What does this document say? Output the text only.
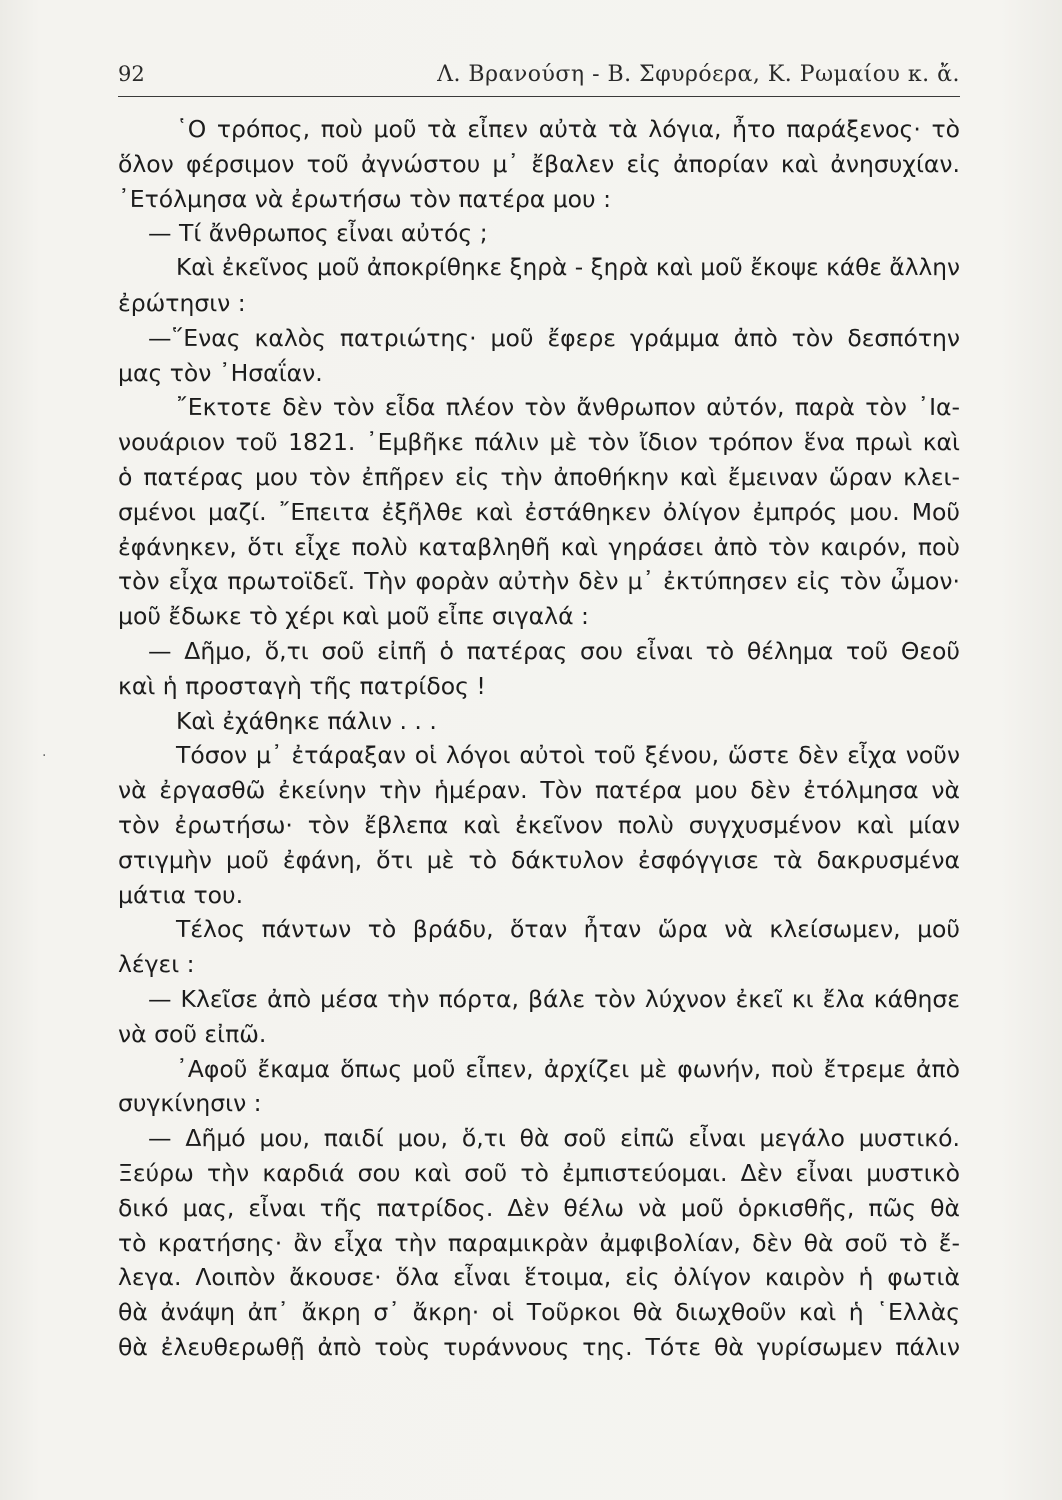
92	Λ. Βρανούση - Β. Σφυρόερα, Κ. Ρωμαίου κ. ἄ.
·

῾Ο τρόπος, ποὺ μοῦ τὰ εἶπεν αὐτὰ τὰ λόγια, ἦτο παράξενος· τὸ
ὅλον φέρσιμον τοῦ ἀγνώστου μ᾽ ἔβαλεν εἰς ἀπορίαν καὶ ἀνησυχίαν.
᾽Ετόλμησα νὰ ἐρωτήσω τὸν πατέρα μου :

— Τί ἄνθρωπος εἶναι αὐτός ;

Καὶ ἐκεῖνος μοῦ ἀποκρίθηκε ξηρὰ - ξηρὰ καὶ μοῦ ἔκοψε κάθε ἄλλην
ἐρώτησιν :

—῞Ενας καλὸς πατριώτης· μοῦ ἔφερε γράμμα ἀπὸ τὸν δεσπότην
μας τὸν ᾽Ησαΐαν.

῎Εκτοτε δὲν τὸν εἶδα πλέον τὸν ἄνθρωπον αὐτόν, παρὰ τὸν ᾽Ια-
νουάριον τοῦ 1821. ᾽Εμβῆκε πάλιν μὲ τὸν ἴδιον τρόπον ἕνα πρωὶ καὶ
ὁ πατέρας μου τὸν ἐπῆρεν εἰς τὴν ἀποθήκην καὶ ἔμειναν ὥραν κλει-
σμένοι μαζί. ῎Επειτα ἐξῆλθε καὶ ἐστάθηκεν ὀλίγον ἐμπρός μου. Μοῦ
ἐφάνηκεν, ὅτι εἶχε πολὺ καταβληθῆ καὶ γηράσει ἀπὸ τὸν καιρόν, ποὺ
τὸν εἶχα πρωτοϊδεῖ. Τὴν φορὰν αὐτὴν δὲν μ᾽ ἐκτύπησεν εἰς τὸν ὦμον·
μοῦ ἔδωκε τὸ χέρι καὶ μοῦ εἶπε σιγαλά :

— Δῆμο, ὅ,τι σοῦ εἰπῆ ὁ πατέρας σου εἶναι τὸ θέλημα τοῦ Θεοῦ
καὶ ἡ προσταγὴ τῆς πατρίδος !

Καὶ ἐχάθηκε πάλιν . . .

Τόσον μ᾽ ἐτάραξαν οἱ λόγοι αὐτοὶ τοῦ ξένου, ὥστε δὲν εἶχα νοῦν
νὰ ἐργασθῶ ἐκείνην τὴν ἡμέραν. Τὸν πατέρα μου δὲν ἐτόλμησα νὰ
τὸν ἐρωτήσω· τὸν ἔβλεπα καὶ ἐκεῖνον πολὺ συγχυσμένον καὶ μίαν
στιγμὴν μοῦ ἐφάνη, ὅτι μὲ τὸ δάκτυλον ἐσφόγγισε τὰ δακρυσμένα
μάτια του.

Τέλος πάντων τὸ βράδυ, ὅταν ἦταν ὥρα νὰ κλείσωμεν, μοῦ
λέγει :

— Κλεῖσε ἀπὸ μέσα τὴν πόρτα, βάλε τὸν λύχνον ἐκεῖ κι ἔλα κάθησε
νὰ σοῦ εἰπῶ.

᾽Αφοῦ ἔκαμα ὅπως μοῦ εἶπεν, ἀρχίζει μὲ φωνήν, ποὺ ἔτρεμε ἀπὸ
συγκίνησιν :

— Δῆμό μου, παιδί μου, ὅ,τι θὰ σοῦ εἰπῶ εἶναι μεγάλο μυστικό.
Ξεύρω τὴν καρδιά σου καὶ σοῦ τὸ ἐμπιστεύομαι. Δὲν εἶναι μυστικὸ
δικό μας, εἶναι τῆς πατρίδος. Δὲν θέλω νὰ μοῦ ὁρκισθῆς, πῶς θὰ
τὸ κρατήσης· ἂν εἶχα τὴν παραμικρὰν ἀμφιβολίαν, δὲν θὰ σοῦ τὸ ἔ-
λεγα. Λοιπὸν ἄκουσε· ὅλα εἶναι ἕτοιμα, εἰς ὀλίγον καιρὸν ἡ φωτιὰ
θὰ ἀνάψη ἀπ᾽ ἄκρη σ᾽ ἄκρη· οἱ Τοῦρκοι θὰ διωχθοῦν καὶ ἡ ῾Ελλὰς
θὰ ἐλευθερωθῇ ἀπὸ τοὺς τυράννους της. Τότε θὰ γυρίσωμεν πάλιν
